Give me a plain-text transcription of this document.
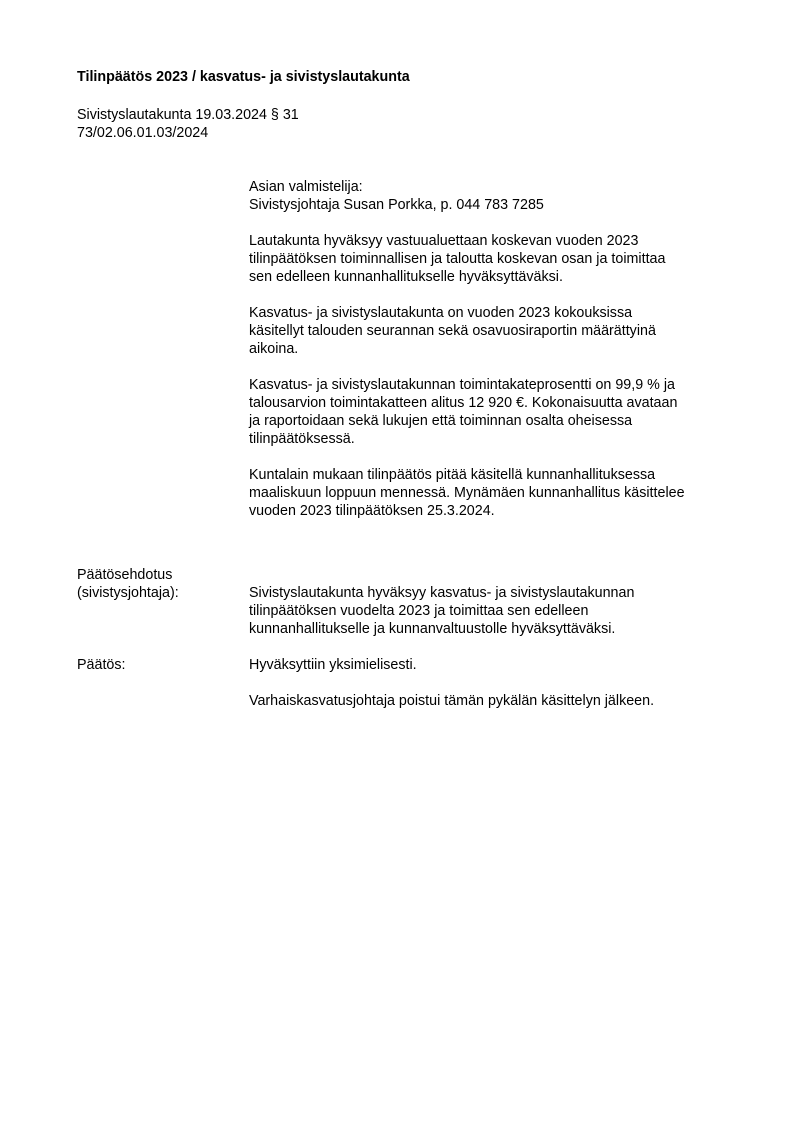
Tilinpäätös 2023 / kasvatus- ja sivistyslautakunta
Sivistyslautakunta 19.03.2024 § 31
73/02.06.01.03/2024
Asian valmistelija:
Sivistysjohtaja Susan Porkka, p. 044 783 7285
Lautakunta hyväksyy vastuualuettaan koskevan vuoden 2023
tilinpäätöksen toiminnallisen ja taloutta koskevan osan ja toimittaa
sen edelleen kunnanhallitukselle hyväksyttäväksi.
Kasvatus- ja sivistyslautakunta on vuoden 2023 kokouksissa
käsitellyt talouden seurannan sekä osavuosiraportin määrättyinä
aikoina.
Kasvatus- ja sivistyslautakunnan toimintakateprosentti on 99,9 % ja
talousarvion toimintakatteen alitus 12 920 €. Kokonaisuutta avataan
ja raportoidaan sekä lukujen että toiminnan osalta oheisessa
tilinpäätöksessä.
Kuntalain mukaan tilinpäätös pitää käsitellä kunnanhallituksessa
maaliskuun loppuun mennessä. Mynämäen kunnanhallitus käsittelee
vuoden 2023 tilinpäätöksen 25.3.2024.
Päätösehdotus
(sivistysjohtaja):	Sivistyslautakunta hyväksyy kasvatus- ja sivistyslautakunnan
tilinpäätöksen vuodelta 2023 ja toimittaa sen edelleen
kunnanhallitukselle ja kunnanvaltuustolle hyväksyttäväksi.
Päätös:	Hyväksyttiin yksimielisesti.
Varhaiskasvatusjohtaja poistui tämän pykälän käsittelyn jälkeen.
